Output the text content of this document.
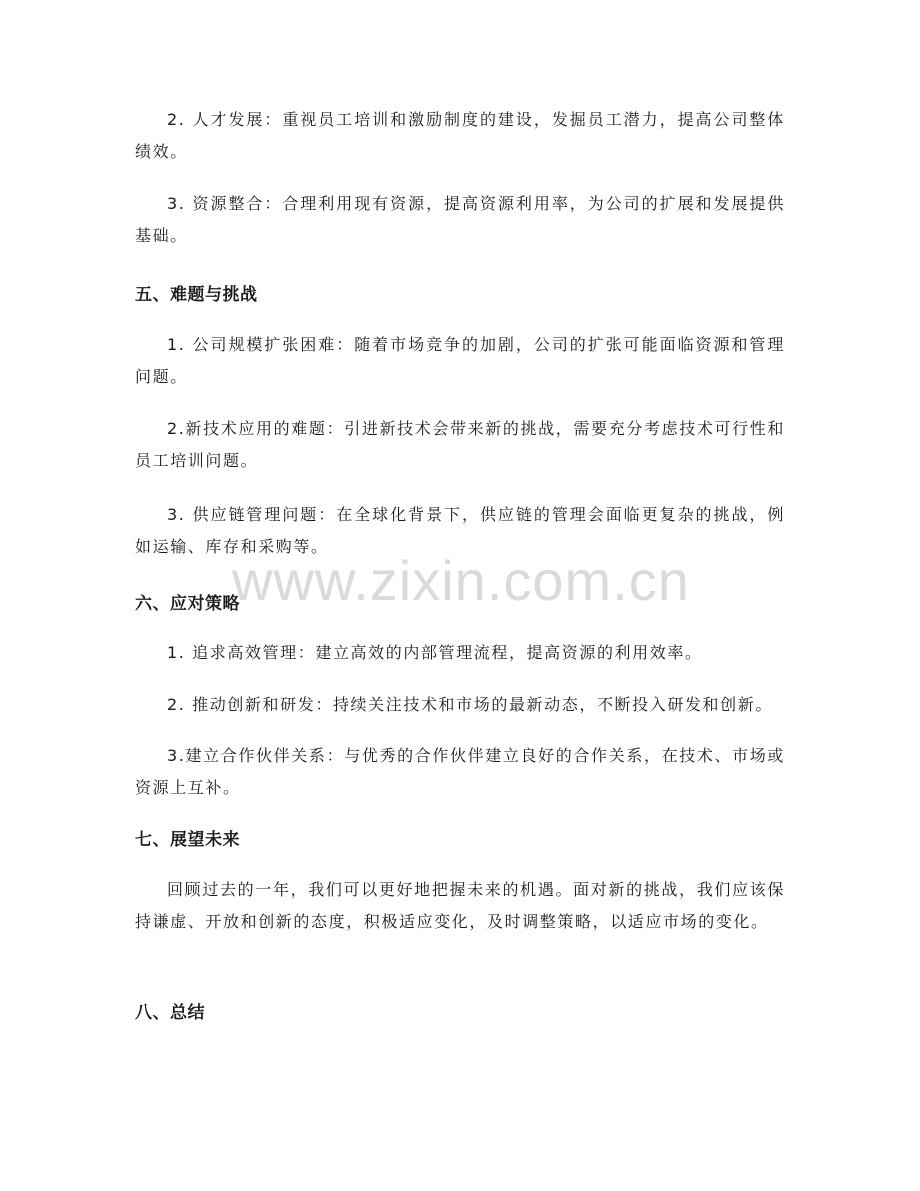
2. 人才发展：重视员工培训和激励制度的建设，发掘员工潜力，提高公司整体绩效。

3. 资源整合：合理利用现有资源，提高资源利用率，为公司的扩展和发展提供基础。

五、难题与挑战

1. 公司规模扩张困难：随着市场竞争的加剧，公司的扩张可能面临资源和管理问题。

2.新技术应用的难题：引进新技术会带来新的挑战，需要充分考虑技术可行性和员工培训问题。

3. 供应链管理问题：在全球化背景下，供应链的管理会面临更复杂的挑战，例如运输、库存和采购等。

六、应对策略

1. 追求高效管理：建立高效的内部管理流程，提高资源的利用效率。

2. 推动创新和研发：持续关注技术和市场的最新动态，不断投入研发和创新。

3.建立合作伙伴关系：与优秀的合作伙伴建立良好的合作关系，在技术、市场或资源上互补。

七、展望未来

回顾过去的一年，我们可以更好地把握未来的机遇。面对新的挑战，我们应该保持谦虚、开放和创新的态度，积极适应变化，及时调整策略，以适应市场的变化。

八、总结
www.zixin.com.cn
